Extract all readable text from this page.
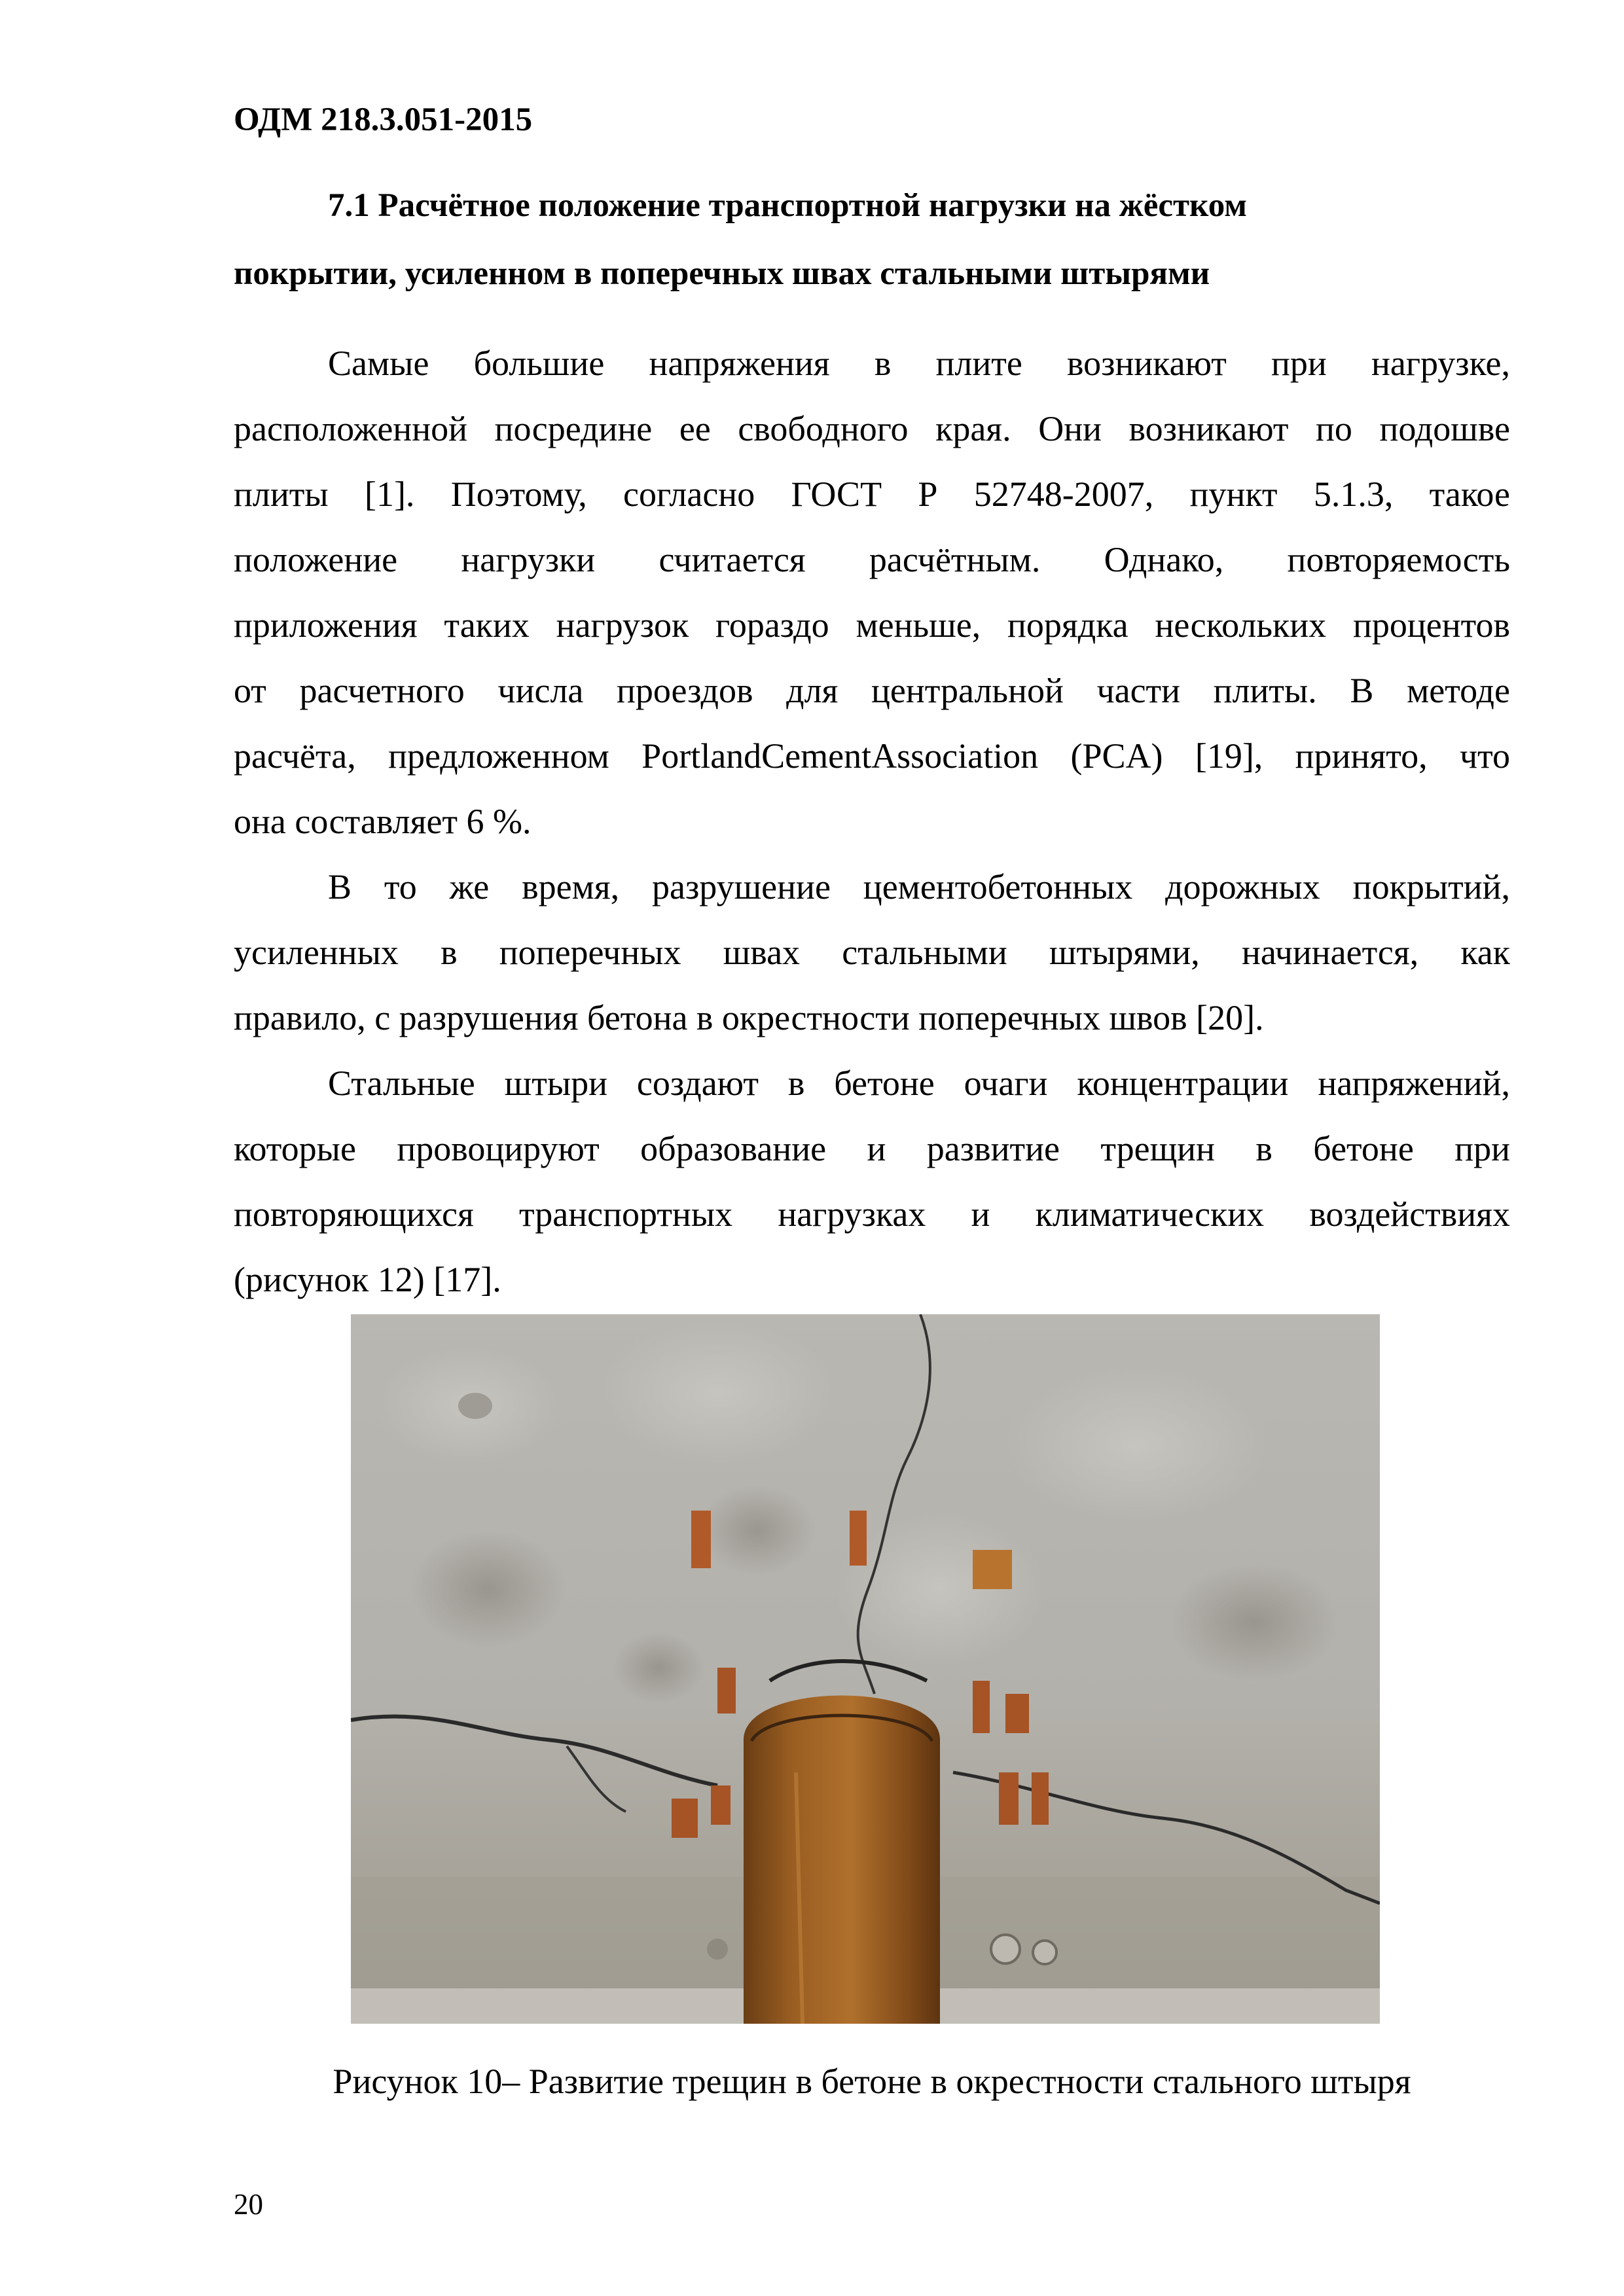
ОДМ 218.3.051-2015
7.1 Расчётное положение транспортной нагрузки на жёстком
покрытии, усиленном в поперечных швах стальными штырями

Самые большие напряжения в плите возникают при нагрузке,
расположенной посредине ее свободного края. Они возникают по подошве
плиты [1]. Поэтому, согласно ГОСТ Р 52748-2007, пункт 5.1.3, такое
положение нагрузки считается расчётным. Однако, повторяемость
приложения таких нагрузок гораздо меньше, порядка нескольких процентов
от расчетного числа проездов для центральной части плиты. В методе
расчёта, предложенном PortlandCementAssociation (PCA) [19], принято, что
она составляет 6 %.

В то же время, разрушение цементобетонных дорожных покрытий,
усиленных в поперечных швах стальными штырями, начинается, как
правило, с разрушения бетона в окрестности поперечных швов [20].

Стальные штыри создают в бетоне очаги концентрации напряжений,
которые провоцируют образование и развитие трещин в бетоне при
повторяющихся транспортных нагрузках и климатических воздействиях
(рисунок 12) [17].

Рисунок 10– Развитие трещин в бетоне в окрестности стального штыря
20
